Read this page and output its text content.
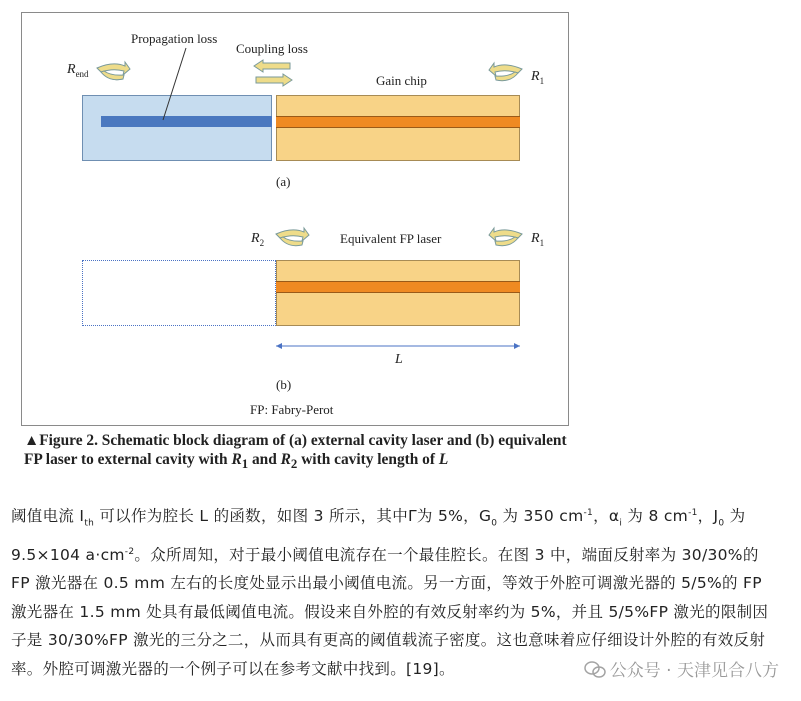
Propagation loss
Coupling loss
Gain chip
$R_{end}$	$R_1$
(a)
$R_2$	Equivalent FP laser	$R_1$
L
(b)
FP: Fabry-Perot
▲Figure 2. Schematic block diagram of (a) external cavity laser and (b) equivalent FP laser to external cavity with $R_1$ and $R_2$ with cavity length of L
阈值电流 $I_{th}$ 可以作为腔长 L 的函数，如图 3 所示，其中Γ为 5%，$G_0$ 为 350 $cm^{-1}$，$\alpha_i$ 为 8 $cm^{-1}$，$J_0$ 为 9.5×104 $a\cdot cm^{-2}$。众所周知，对于最小阈值电流存在一个最佳腔长。在图 3 中，端面反射率为 30/30%的 FP 激光器在 0.5 mm 左右的长度处显示出最小阈值电流。另一方面，等效于外腔可调激光器的 5/5%的 FP 激光器在 1.5 mm 处具有最低阈值电流。假设来自外腔的有效反射率约为 5%，并且 5/5%FP 激光的限制因子是 30/30%FP 激光的三分之二，从而具有更高的阈值载流子密度。这也意味着应仔细设计外腔的有效反射率。外腔可调激光器的一个例子可以在参考文献中找到。[19]。	公众号 · 天津见合八方
